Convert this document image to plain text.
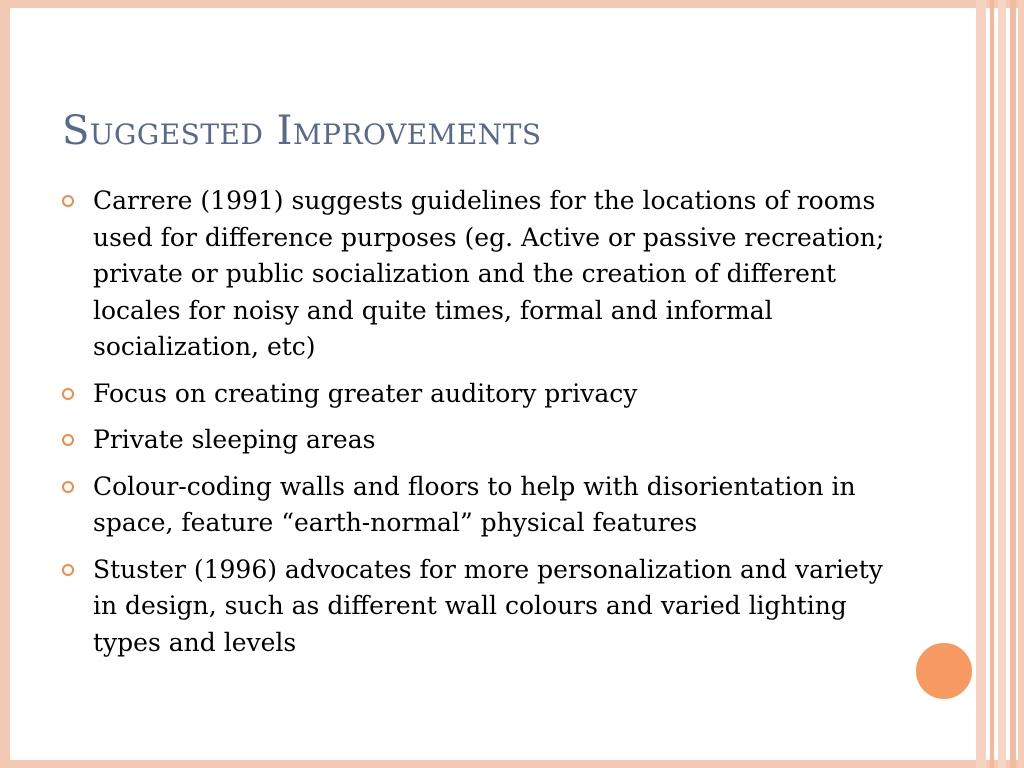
Suggested Improvements
Carrere (1991) suggests guidelines for the locations of rooms used for difference purposes (eg. Active or passive recreation; private or public socialization and the creation of different locales for noisy and quite times, formal and informal socialization, etc)
Focus on creating greater auditory privacy
Private sleeping areas
Colour-coding walls and floors to help with disorientation in space, feature “earth-normal” physical features
Stuster (1996) advocates for more personalization and variety in design, such as different wall colours and varied lighting types and levels
